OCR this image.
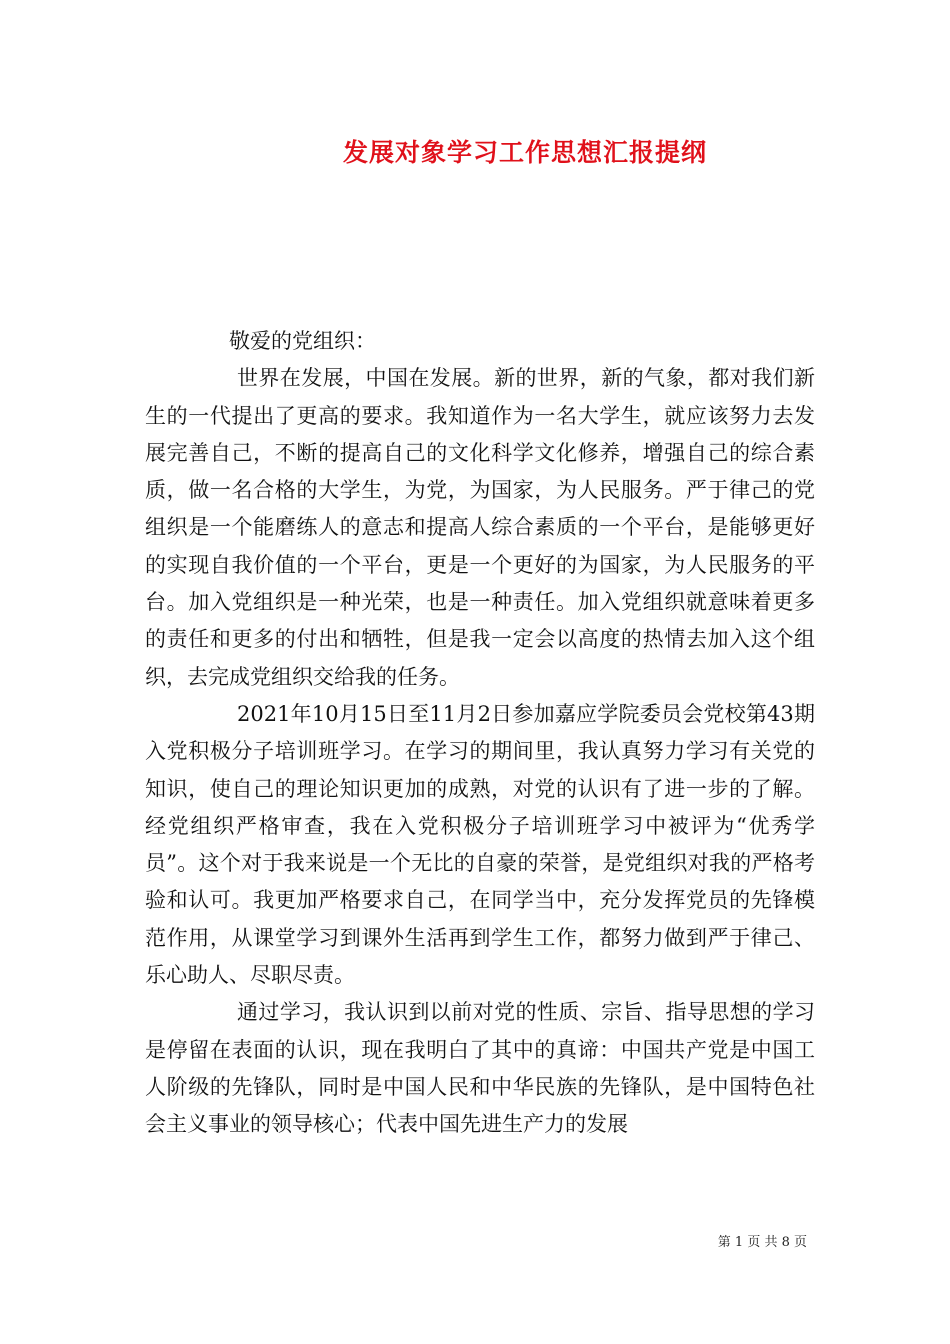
发展对象学习工作思想汇报提纲

敬爱的党组织：

世界在发展，中国在发展。新的世界，新的气象，都对我们新生的一代提出了更高的要求。我知道作为一名大学生，就应该努力去发展完善自己，不断的提高自己的文化科学文化修养，增强自己的综合素质，做一名合格的大学生，为党，为国家，为人民服务。严于律己的党组织是一个能磨练人的意志和提高人综合素质的一个平台，是能够更好的实现自我价值的一个平台，更是一个更好的为国家，为人民服务的平台。加入党组织是一种光荣，也是一种责任。加入党组织就意味着更多的责任和更多的付出和牺牲，但是我一定会以高度的热情去加入这个组织，去完成党组织交给我的任务。

2021年10月15日至11月2日参加嘉应学院委员会党校第43期入党积极分子培训班学习。在学习的期间里，我认真努力学习有关党的知识，使自己的理论知识更加的成熟，对党的认识有了进一步的了解。经党组织严格审查，我在入党积极分子培训班学习中被评为“优秀学员”。这个对于我来说是一个无比的自豪的荣誉，是党组织对我的严格考验和认可。我更加严格要求自己，在同学当中，充分发挥党员的先锋模范作用，从课堂学习到课外生活再到学生工作，都努力做到严于律己、乐心助人、尽职尽责。

通过学习，我认识到以前对党的性质、宗旨、指导思想的学习是停留在表面的认识，现在我明白了其中的真谛：中国共产党是中国工人阶级的先锋队，同时是中国人民和中华民族的先锋队，是中国特色社会主义事业的领导核心；代表中国先进生产力的发展

第 1 页 共 8 页
